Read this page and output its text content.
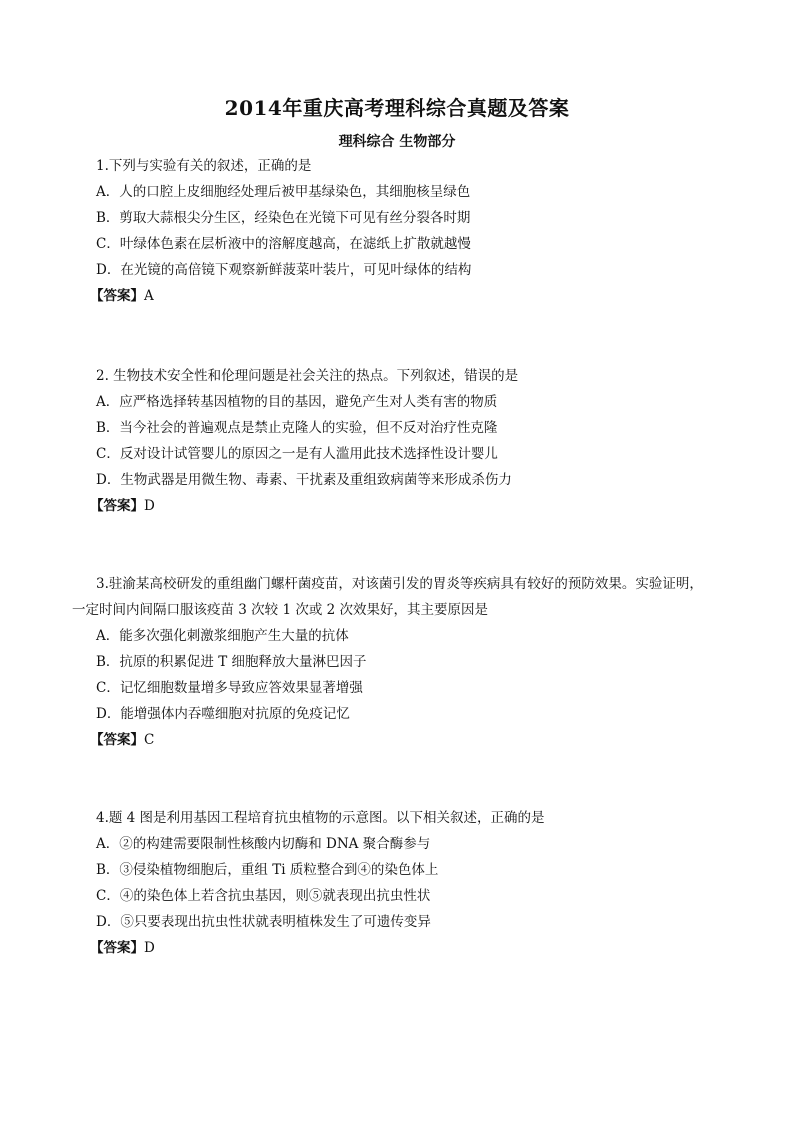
2014年重庆高考理科综合真题及答案
理科综合 生物部分
1.下列与实验有关的叙述，正确的是
A．人的口腔上皮细胞经处理后被甲基绿染色，其细胞核呈绿色
B．剪取大蒜根尖分生区，经染色在光镜下可见有丝分裂各时期
C．叶绿体色素在层析液中的溶解度越高，在滤纸上扩散就越慢
D．在光镜的高倍镜下观察新鲜菠菜叶装片，可见叶绿体的结构
【答案】A
2. 生物技术安全性和伦理问题是社会关注的热点。下列叙述，错误的是
A．应严格选择转基因植物的目的基因，避免产生对人类有害的物质
B．当今社会的普遍观点是禁止克隆人的实验，但不反对治疗性克隆
C．反对设计试管婴儿的原因之一是有人滥用此技术选择性设计婴儿
D．生物武器是用微生物、毒素、干扰素及重组致病菌等来形成杀伤力
【答案】D
3.驻渝某高校研发的重组幽门螺杆菌疫苗，对该菌引发的胃炎等疾病具有较好的预防效果。实验证明，
一定时间内间隔口服该疫苗 3 次较 1 次或 2 次效果好，其主要原因是
A．能多次强化刺激浆细胞产生大量的抗体
B．抗原的积累促进 T 细胞释放大量淋巴因子
C．记忆细胞数量增多导致应答效果显著增强
D．能增强体内吞噬细胞对抗原的免疫记忆
【答案】C
4.题 4 图是利用基因工程培育抗虫植物的示意图。以下相关叙述，正确的是
A．②的构建需要限制性核酸内切酶和 DNA 聚合酶参与
B．③侵染植物细胞后，重组 Ti 质粒整合到④的染色体上
C．④的染色体上若含抗虫基因，则⑤就表现出抗虫性状
D．⑤只要表现出抗虫性状就表明植株发生了可遗传变异
【答案】D
